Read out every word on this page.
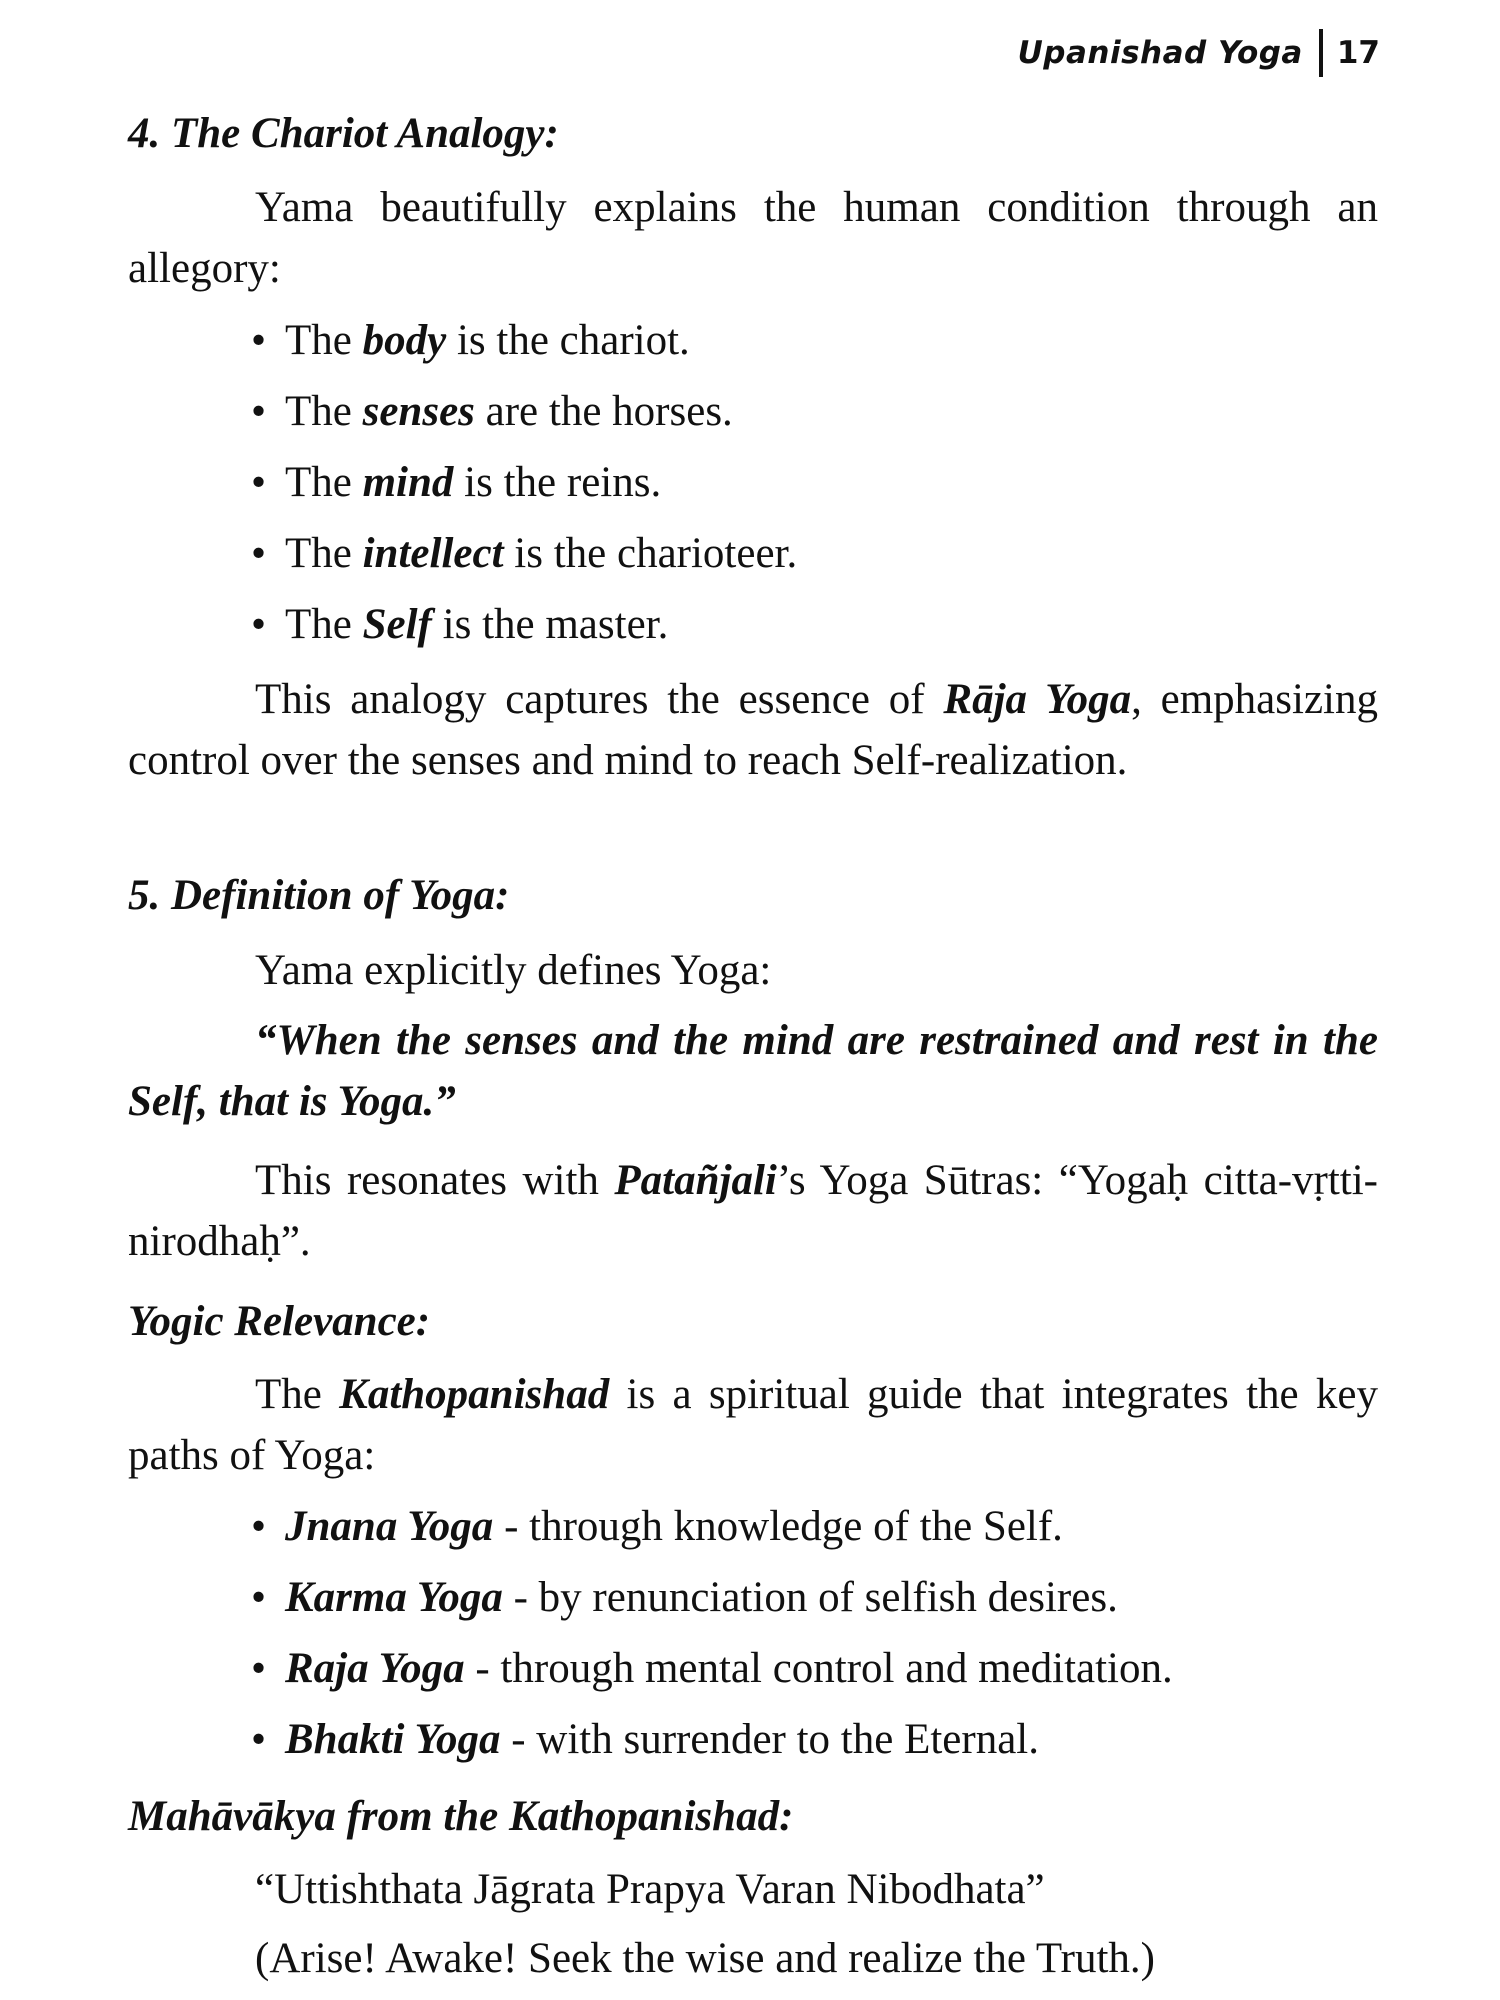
Upanishad Yoga 17
4. The Chariot Analogy:
Yama beautifully explains the human condition through an allegory:
• The body is the chariot.
• The senses are the horses.
• The mind is the reins.
• The intellect is the charioteer.
• The Self is the master.
This analogy captures the essence of Rāja Yoga, emphasizing control over the senses and mind to reach Self-realization.
5. Definition of Yoga:
Yama explicitly defines Yoga:
“When the senses and the mind are restrained and rest in the Self, that is Yoga.”
This resonates with Patañjali’s Yoga Sūtras: “Yogaḥ citta-vṛtti-nirodhaḥ”.
Yogic Relevance:
The Kathopanishad is a spiritual guide that integrates the key paths of Yoga:
• Jnana Yoga - through knowledge of the Self.
• Karma Yoga - by renunciation of selfish desires.
• Raja Yoga - through mental control and meditation.
• Bhakti Yoga - with surrender to the Eternal.
Mahāvākya from the Kathopanishad:
“Uttishthata Jāgrata Prapya Varan Nibodhata”
(Arise! Awake! Seek the wise and realize the Truth.)
